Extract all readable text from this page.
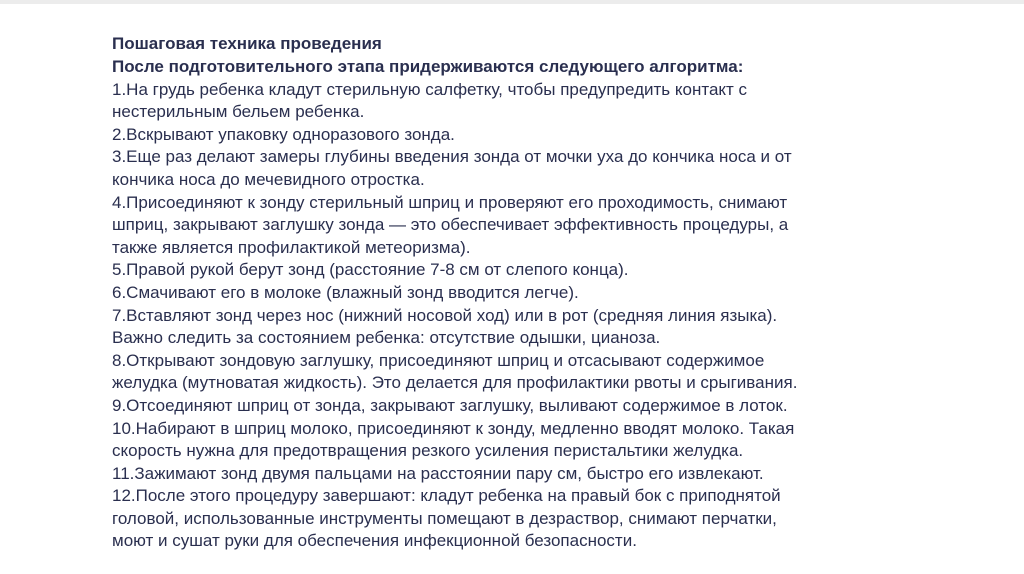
Пошаговая техника проведения

После подготовительного этапа придерживаются следующего алгоритма:

1.На грудь ребенка кладут стерильную салфетку, чтобы предупредить контакт с

нестерильным бельем ребенка.

2.Вскрывают упаковку одноразового зонда.

3.Еще раз делают замеры глубины введения зонда от мочки уха до кончика носа и от

кончика носа до мечевидного отростка.

4.Присоединяют к зонду стерильный шприц и проверяют его проходимость, снимают

шприц, закрывают заглушку зонда — это обеспечивает эффективность процедуры, а

также является профилактикой метеоризма).

5.Правой рукой берут зонд (расстояние 7-8 см от слепого конца).

6.Смачивают его в молоке (влажный зонд вводится легче).

7.Вставляют зонд через нос (нижний носовой ход) или в рот (средняя линия языка).

Важно следить за состоянием ребенка: отсутствие одышки, цианоза.

8.Открывают зондовую заглушку, присоединяют шприц и отсасывают содержимое

желудка (мутноватая жидкость). Это делается для профилактики рвоты и срыгивания.

9.Отсоединяют шприц от зонда, закрывают заглушку, выливают содержимое в лоток.

10.Набирают в шприц молоко, присоединяют к зонду, медленно вводят молоко. Такая

скорость нужна для предотвращения резкого усиления перистальтики желудка.

11.Зажимают зонд двумя пальцами на расстоянии пару см, быстро его извлекают.

12.После этого процедуру завершают: кладут ребенка на правый бок с приподнятой

головой, использованные инструменты помещают в дезраствор, снимают перчатки,

моют и сушат руки для обеспечения инфекционной безопасности.
